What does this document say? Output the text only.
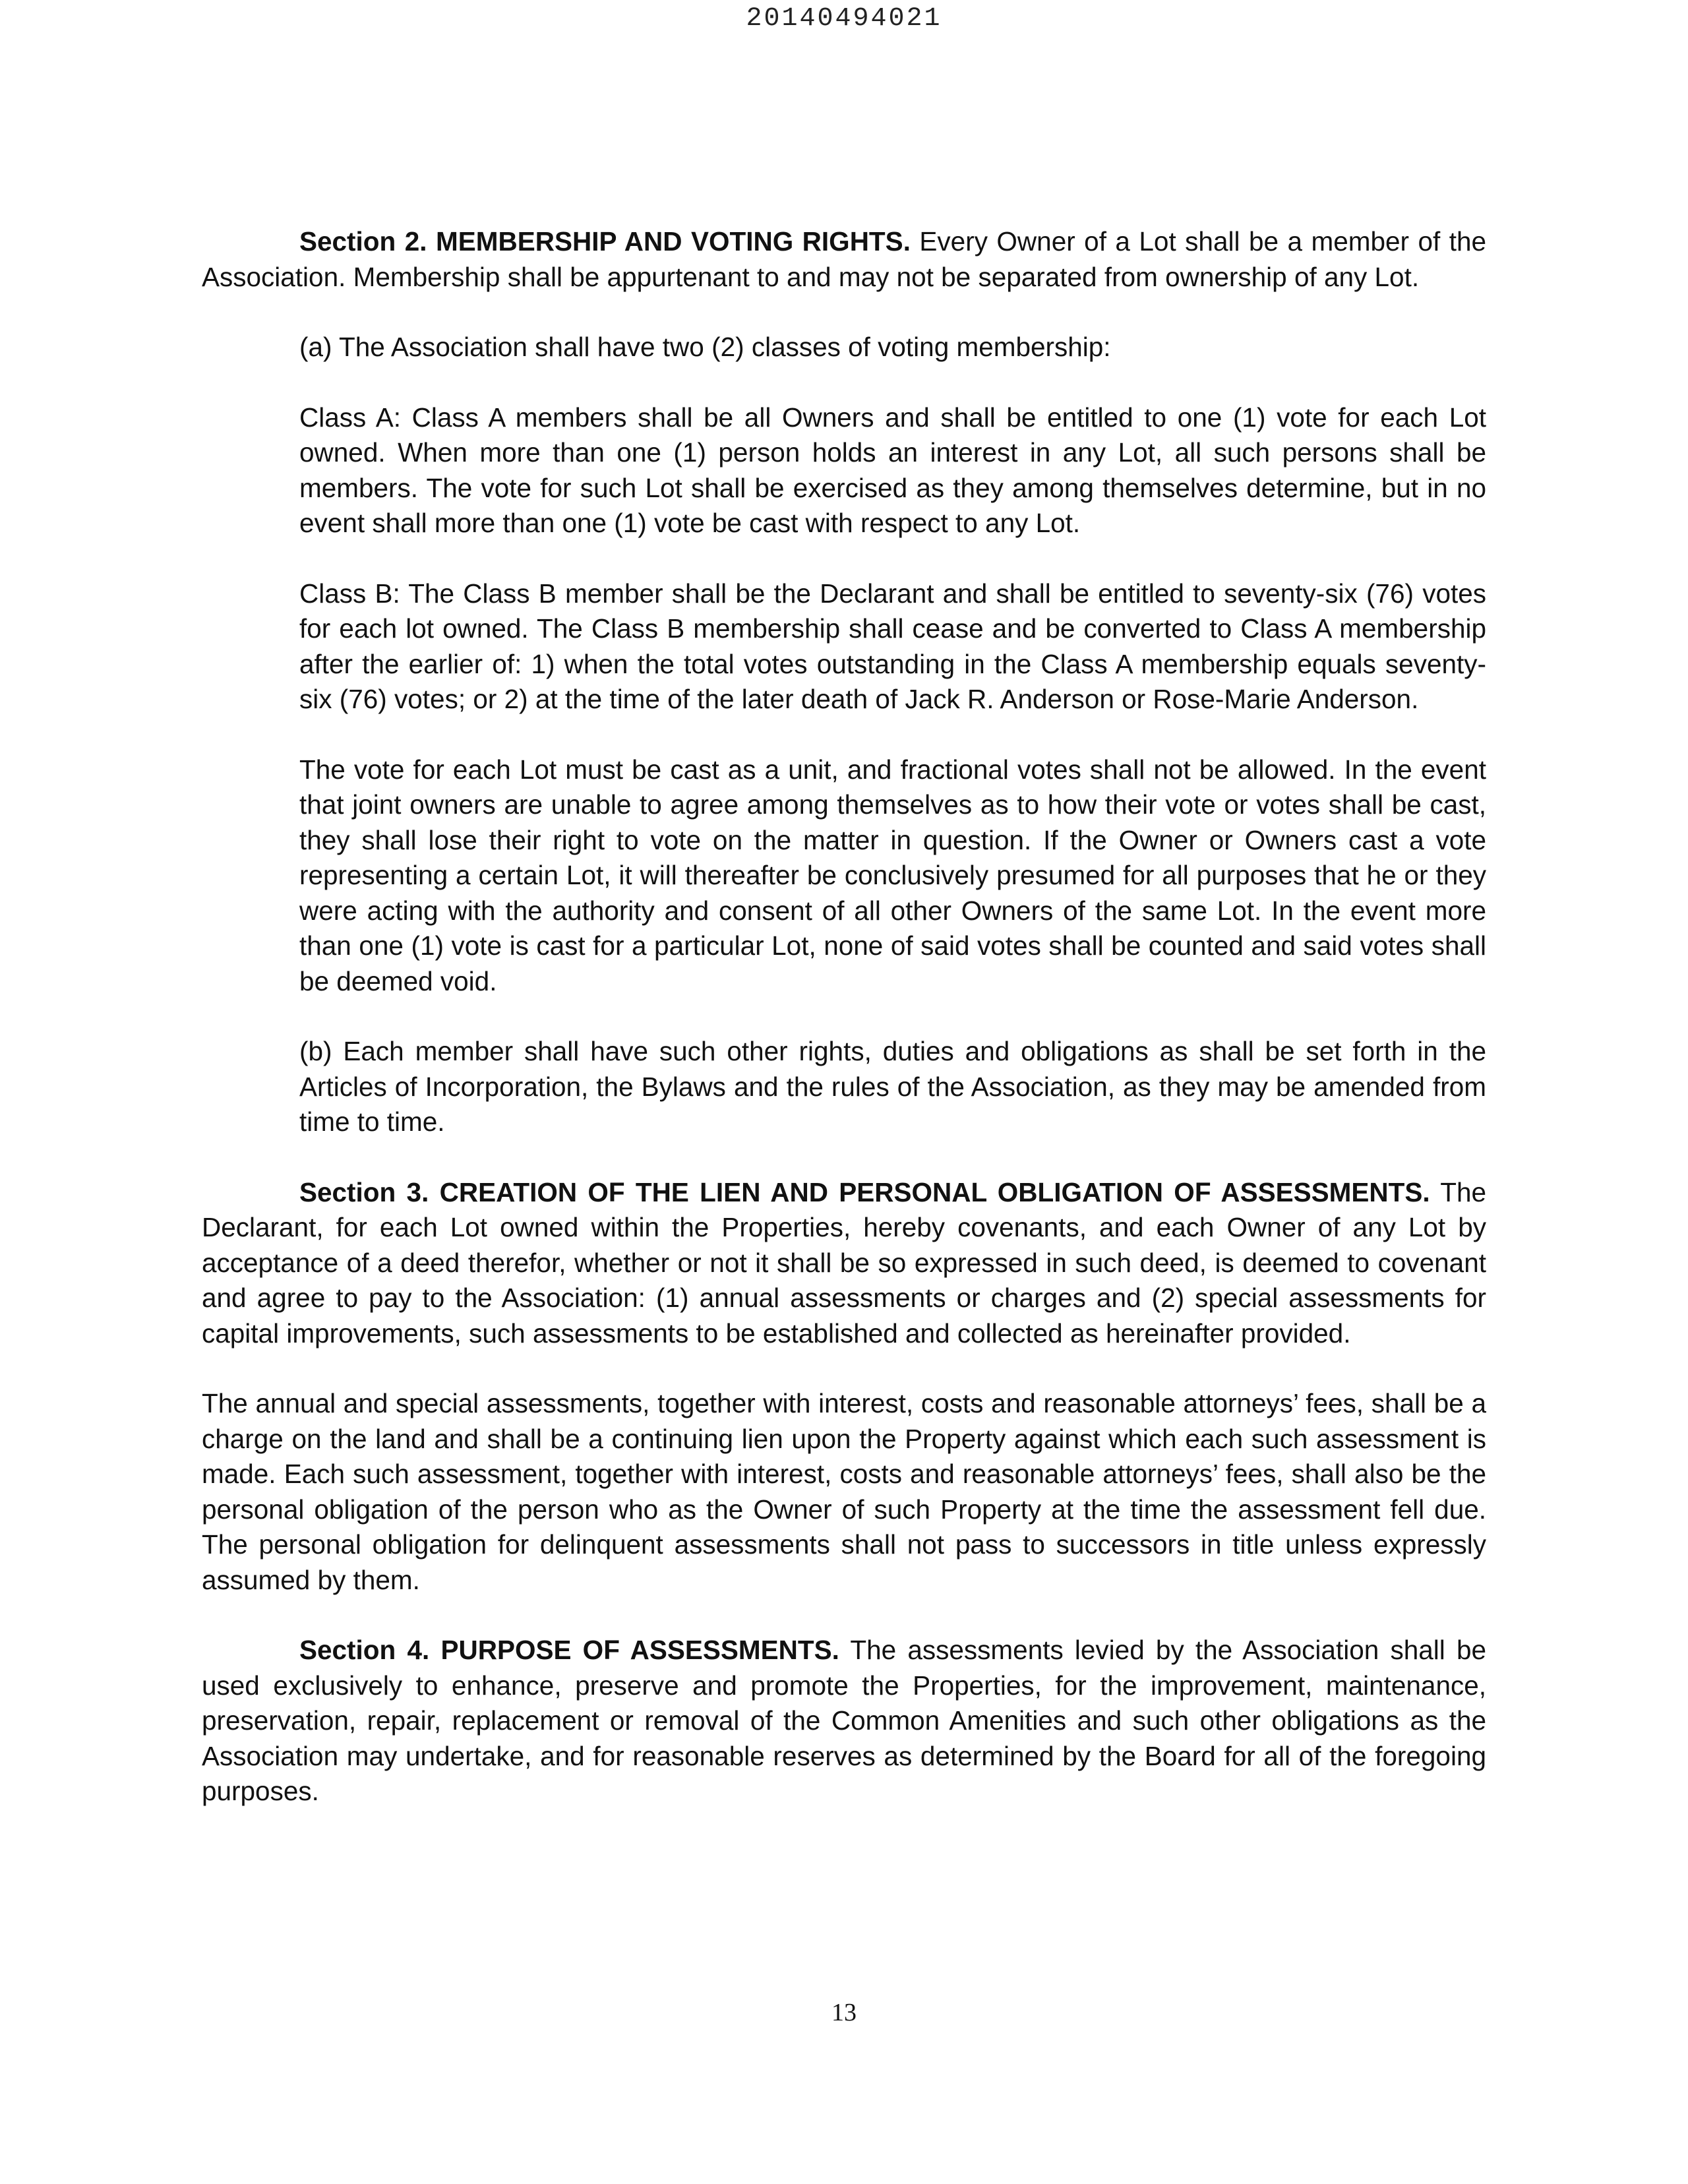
20140494021

Section 2. MEMBERSHIP AND VOTING RIGHTS. Every Owner of a Lot shall be a member of the Association. Membership shall be appurtenant to and may not be separated from ownership of any Lot.

(a) The Association shall have two (2) classes of voting membership:

Class A: Class A members shall be all Owners and shall be entitled to one (1) vote for each Lot owned. When more than one (1) person holds an interest in any Lot, all such persons shall be members. The vote for such Lot shall be exercised as they among themselves determine, but in no event shall more than one (1) vote be cast with respect to any Lot.

Class B: The Class B member shall be the Declarant and shall be entitled to seventy-six (76) votes for each lot owned. The Class B membership shall cease and be converted to Class A membership after the earlier of: 1) when the total votes outstanding in the Class A membership equals seventy-six (76) votes; or 2) at the time of the later death of Jack R. Anderson or Rose-Marie Anderson.

The vote for each Lot must be cast as a unit, and fractional votes shall not be allowed. In the event that joint owners are unable to agree among themselves as to how their vote or votes shall be cast, they shall lose their right to vote on the matter in question. If the Owner or Owners cast a vote representing a certain Lot, it will thereafter be conclusively presumed for all purposes that he or they were acting with the authority and consent of all other Owners of the same Lot. In the event more than one (1) vote is cast for a particular Lot, none of said votes shall be counted and said votes shall be deemed void.

(b) Each member shall have such other rights, duties and obligations as shall be set forth in the Articles of Incorporation, the Bylaws and the rules of the Association, as they may be amended from time to time.

Section 3. CREATION OF THE LIEN AND PERSONAL OBLIGATION OF ASSESSMENTS. The Declarant, for each Lot owned within the Properties, hereby covenants, and each Owner of any Lot by acceptance of a deed therefor, whether or not it shall be so expressed in such deed, is deemed to covenant and agree to pay to the Association: (1) annual assessments or charges and (2) special assessments for capital improvements, such assessments to be established and collected as hereinafter provided.

The annual and special assessments, together with interest, costs and reasonable attorneys’ fees, shall be a charge on the land and shall be a continuing lien upon the Property against which each such assessment is made. Each such assessment, together with interest, costs and reasonable attorneys’ fees, shall also be the personal obligation of the person who as the Owner of such Property at the time the assessment fell due. The personal obligation for delinquent assessments shall not pass to successors in title unless expressly assumed by them.

Section 4. PURPOSE OF ASSESSMENTS. The assessments levied by the Association shall be used exclusively to enhance, preserve and promote the Properties, for the improvement, maintenance, preservation, repair, replacement or removal of the Common Amenities and such other obligations as the Association may undertake, and for reasonable reserves as determined by the Board for all of the foregoing purposes.

13
